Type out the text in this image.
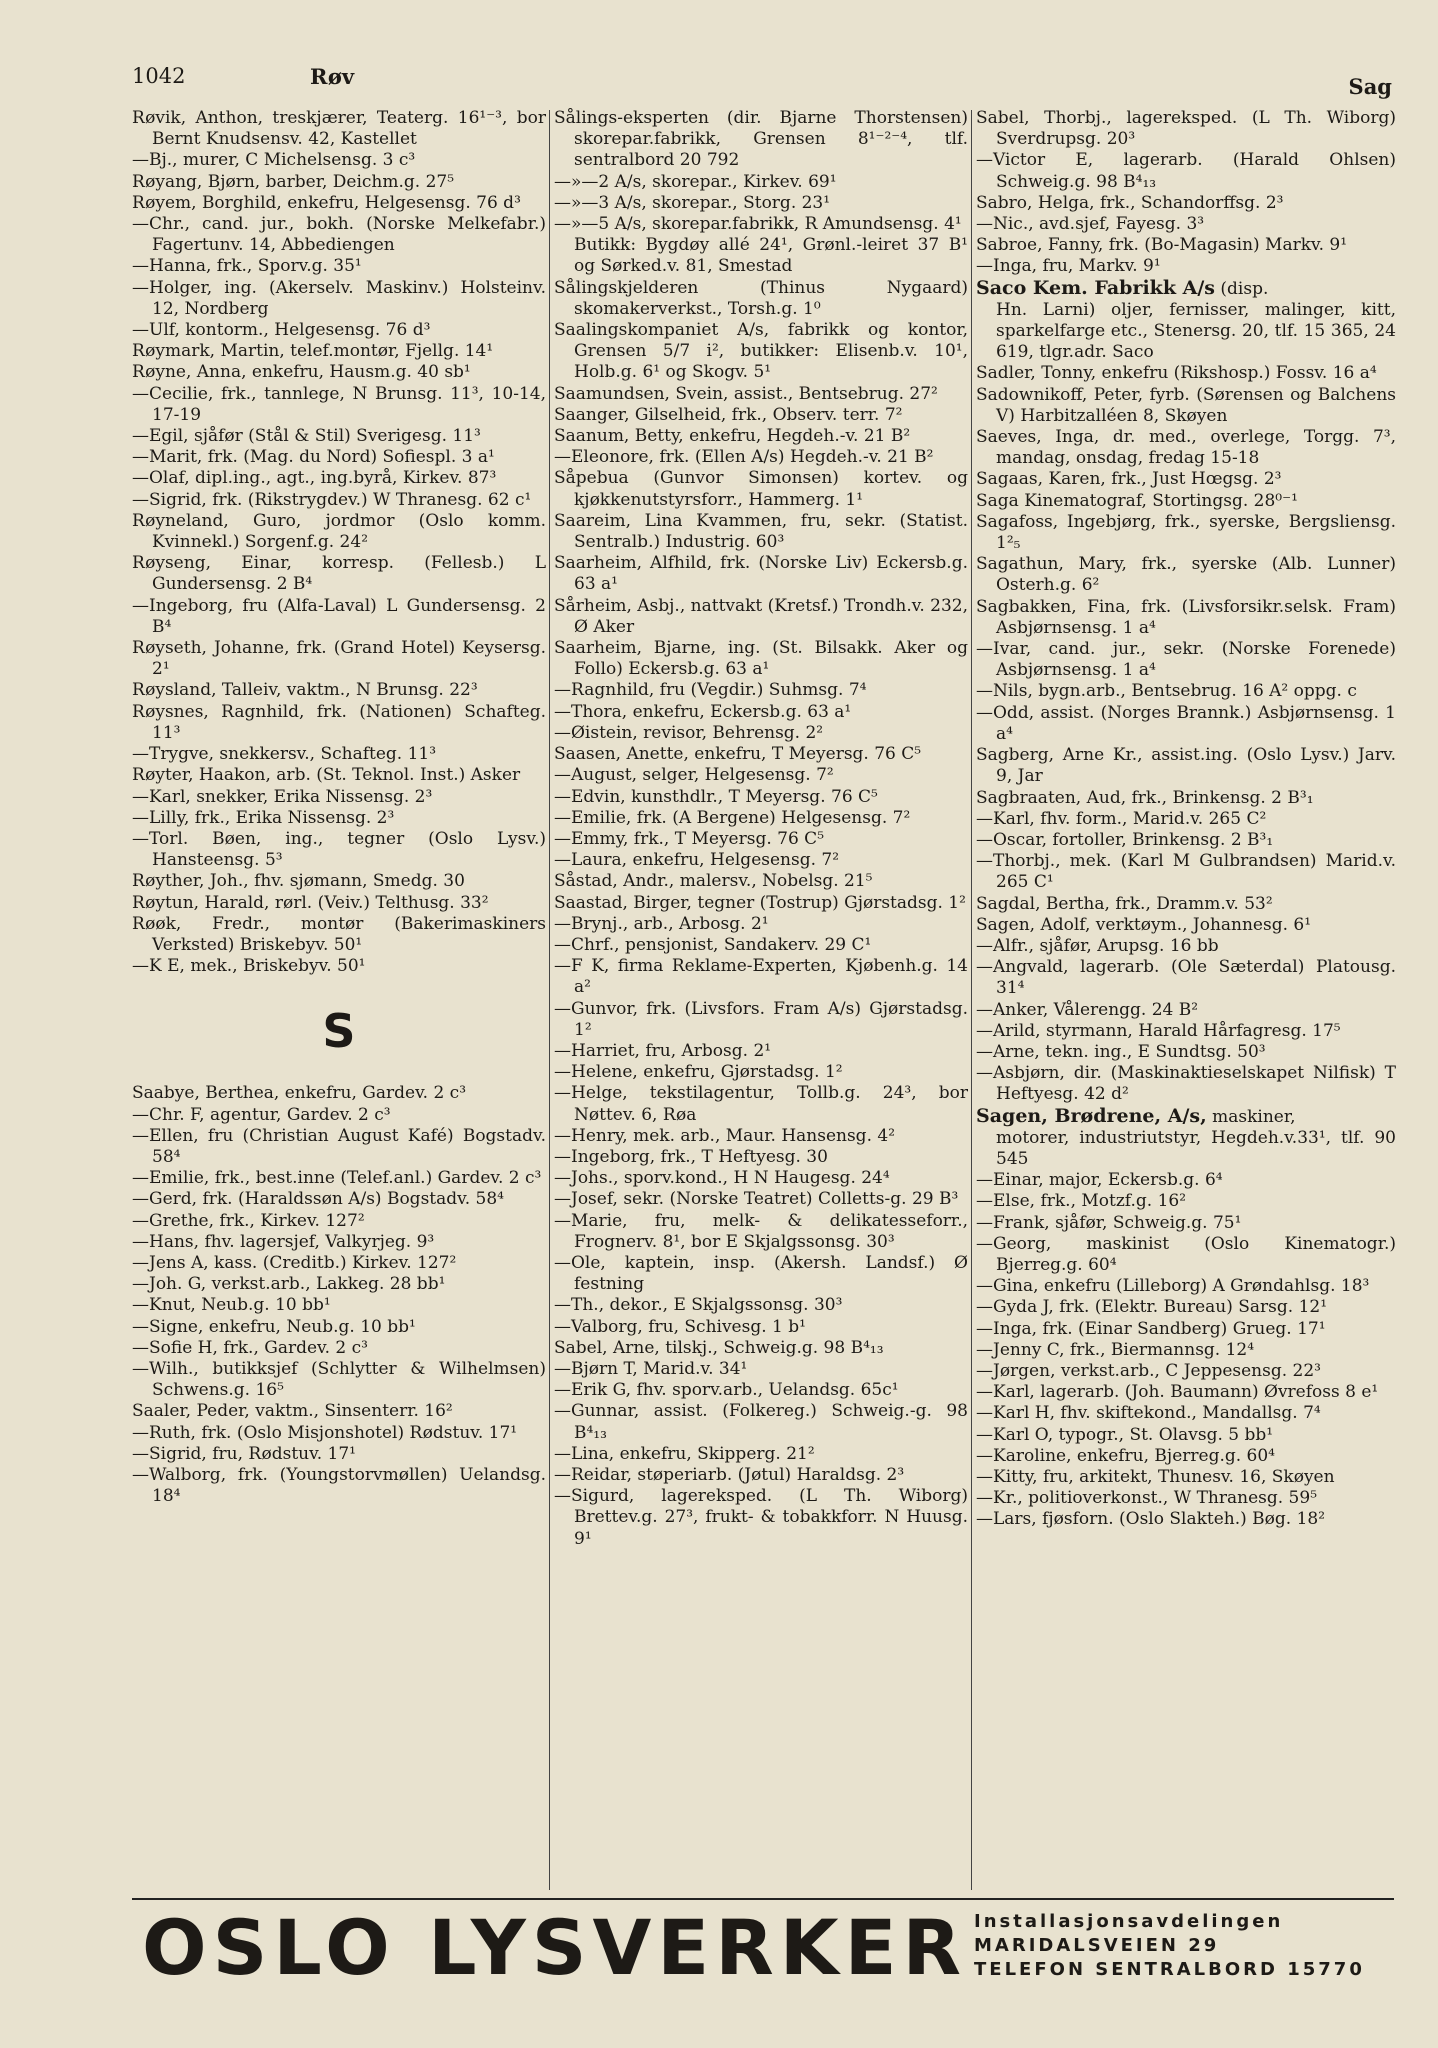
1042	Røv	Sag

Røvik, Anthon, treskjærer, Teaterg. 16¹⁻³, bor Bernt Knudsensv. 42, Kastellet

—Bj., murer, C Michelsensg. 3 c³

Røyang, Bjørn, barber, Deichm.g. 27⁵

Røyem, Borghild, enkefru, Helgesensg. 76 d³

—Chr., cand. jur., bokh. (Norske Melkefabr.) Fagertunv. 14, Abbediengen

—Hanna, frk., Sporv.g. 35¹

—Holger, ing. (Akerselv. Maskinv.) Holsteinv. 12, Nordberg

—Ulf, kontorm., Helgesensg. 76 d³

Røymark, Martin, telef.montør, Fjellg. 14¹

Røyne, Anna, enkefru, Hausm.g. 40 sb¹

—Cecilie, frk., tannlege, N Brunsg. 11³, 10-14, 17-19

—Egil, sjåfør (Stål & Stil) Sverigesg. 11³

—Marit, frk. (Mag. du Nord) Sofiespl. 3 a¹

—Olaf, dipl.ing., agt., ing.byrå, Kirkev. 87³

—Sigrid, frk. (Rikstrygdev.) W Thranesg. 62 c¹

Røyneland, Guro, jordmor (Oslo komm. Kvinnekl.) Sorgenf.g. 24²

Røyseng, Einar, korresp. (Fellesb.) L Gundersensg. 2 B⁴

—Ingeborg, fru (Alfa-Laval) L Gundersensg. 2 B⁴

Røyseth, Johanne, frk. (Grand Hotel) Keysersg. 2¹

Røysland, Talleiv, vaktm., N Brunsg. 22³

Røysnes, Ragnhild, frk. (Nationen) Schafteg. 11³

—Trygve, snekkersv., Schafteg. 11³

Røyter, Haakon, arb. (St. Teknol. Inst.) Asker

—Karl, snekker, Erika Nissensg. 2³

—Lilly, frk., Erika Nissensg. 2³

—Torl. Bøen, ing., tegner (Oslo Lysv.) Hansteensg. 5³

Røyther, Joh., fhv. sjømann, Smedg. 30

Røytun, Harald, rørl. (Veiv.) Telthusg. 33²

Røøk, Fredr., montør (Bakerimaskiners Verksted) Briskebyv. 50¹

—K E, mek., Briskebyv. 50¹

S

Saabye, Berthea, enkefru, Gardev. 2 c³

—Chr. F, agentur, Gardev. 2 c³

—Ellen, fru (Christian August Kafé) Bogstadv. 58⁴

—Emilie, frk., best.inne (Telef.anl.) Gardev. 2 c³

—Gerd, frk. (Haraldssøn A/s) Bogstadv. 58⁴

—Grethe, frk., Kirkev. 127²

—Hans, fhv. lagersjef, Valkyrjeg. 9³

—Jens A, kass. (Creditb.) Kirkev. 127²

—Joh. G, verkst.arb., Lakkeg. 28 bb¹

—Knut, Neub.g. 10 bb¹

—Signe, enkefru, Neub.g. 10 bb¹

—Sofie H, frk., Gardev. 2 c³

—Wilh., butikksjef (Schlytter & Wilhelmsen) Schwens.g. 16⁵

Saaler, Peder, vaktm., Sinsenterr. 16²

—Ruth, frk. (Oslo Misjonshotel) Rødstuv. 17¹

—Sigrid, fru, Rødstuv. 17¹

—Walborg, frk. (Youngstorvmøllen) Uelandsg. 18⁴

Sålings-eksperten (dir. Bjarne Thorstensen) skorepar.fabrikk, Grensen 8¹⁻²⁻⁴, tlf. sentralbord 20 792

—»—2 A/s, skorepar., Kirkev. 69¹

—»—3 A/s, skorepar., Storg. 23¹

—»—5 A/s, skorepar.fabrikk, R Amundsensg. 4¹

Butikk: Bygdøy allé 24¹, Grønl.-leiret 37 B¹ og Sørked.v. 81, Smestad

Sålingskjelderen (Thinus Nygaard) skomakerverkst., Torsh.g. 1⁰

Saalingskompaniet A/s, fabrikk og kontor, Grensen 5/7 i², butikker: Elisenb.v. 10¹, Holb.g. 6¹ og Skogv. 5¹

Saamundsen, Svein, assist., Bentsebrug. 27²

Saanger, Gilselheid, frk., Observ. terr. 7²

Saanum, Betty, enkefru, Hegdeh.-v. 21 B²

—Eleonore, frk. (Ellen A/s) Hegdeh.-v. 21 B²

Såpebua (Gunvor Simonsen) kortev. og kjøkkenutstyrsforr., Hammerg. 1¹

Saareim, Lina Kvammen, fru, sekr. (Statist. Sentralb.) Industrig. 60³

Saarheim, Alfhild, frk. (Norske Liv) Eckersb.g. 63 a¹

Sårheim, Asbj., nattvakt (Kretsf.) Trondh.v. 232, Ø Aker

Saarheim, Bjarne, ing. (St. Bilsakk. Aker og Follo) Eckersb.g. 63 a¹

—Ragnhild, fru (Vegdir.) Suhmsg. 7⁴

—Thora, enkefru, Eckersb.g. 63 a¹

—Øistein, revisor, Behrensg. 2²

Saasen, Anette, enkefru, T Meyersg. 76 C⁵

—August, selger, Helgesensg. 7²

—Edvin, kunsthdlr., T Meyersg. 76 C⁵

—Emilie, frk. (A Bergene) Helgesensg. 7²

—Emmy, frk., T Meyersg. 76 C⁵

—Laura, enkefru, Helgesensg. 7²

Såstad, Andr., malersv., Nobelsg. 21⁵

Saastad, Birger, tegner (Tostrup) Gjørstadsg. 1²

—Brynj., arb., Arbosg. 2¹

—Chrf., pensjonist, Sandakerv. 29 C¹

—F K, firma Reklame-Experten, Kjøbenh.g. 14 a²

—Gunvor, frk. (Livsfors. Fram A/s) Gjørstadsg. 1²

—Harriet, fru, Arbosg. 2¹

—Helene, enkefru, Gjørstadsg. 1²

—Helge, tekstilagentur, Tollb.g. 24³, bor Nøttev. 6, Røa

—Henry, mek. arb., Maur. Hansensg. 4²

—Ingeborg, frk., T Heftyesg. 30

—Johs., sporv.kond., H N Haugesg. 24⁴

—Josef, sekr. (Norske Teatret) Colletts-g. 29 B³

—Marie, fru, melk- & delikatesseforr., Frognerv. 8¹, bor E Skjalgssonsg. 30³

—Ole, kaptein, insp. (Akersh. Landsf.) Ø festning

—Th., dekor., E Skjalgssonsg. 30³

—Valborg, fru, Schivesg. 1 b¹

Sabel, Arne, tilskj., Schweig.g. 98 B⁴₁₃

—Bjørn T, Marid.v. 34¹

—Erik G, fhv. sporv.arb., Uelandsg. 65c¹

—Gunnar, assist. (Folkereg.) Schweig.-g. 98 B⁴₁₃

—Lina, enkefru, Skipperg. 21²

—Reidar, støperiarb. (Jøtul) Haraldsg. 2³

—Sigurd, lagereksped. (L Th. Wiborg) Brettev.g. 27³, frukt- & tobakkforr. N Huusg. 9¹

Sabel, Thorbj., lagereksped. (L Th. Wiborg) Sverdrupsg. 20³

—Victor E, lagerarb. (Harald Ohlsen) Schweig.g. 98 B⁴₁₃

Sabro, Helga, frk., Schandorffsg. 2³

—Nic., avd.sjef, Fayesg. 3³

Sabroe, Fanny, frk. (Bo-Magasin) Markv. 9¹

—Inga, fru, Markv. 9¹

Saco Kem. Fabrikk A/s (disp.

Hn. Larni) oljer, fernisser, malinger, kitt, sparkelfarge etc., Stenersg. 20, tlf. 15 365, 24 619, tlgr.adr. Saco

Sadler, Tonny, enkefru (Rikshosp.) Fossv. 16 a⁴

Sadownikoff, Peter, fyrb. (Sørensen og Balchens V) Harbitzalléen 8, Skøyen

Saeves, Inga, dr. med., overlege, Torgg. 7³, mandag, onsdag, fredag 15-18

Sagaas, Karen, frk., Just Hœgsg. 2³

Saga Kinematograf, Stortingsg. 28⁰⁻¹

Sagafoss, Ingebjørg, frk., syerske, Bergsliensg. 1²₅

Sagathun, Mary, frk., syerske (Alb. Lunner) Osterh.g. 6²

Sagbakken, Fina, frk. (Livsforsikr.selsk. Fram) Asbjørnsensg. 1 a⁴

—Ivar, cand. jur., sekr. (Norske Forenede) Asbjørnsensg. 1 a⁴

—Nils, bygn.arb., Bentsebrug. 16 A² oppg. c

—Odd, assist. (Norges Brannk.) Asbjørnsensg. 1 a⁴

Sagberg, Arne Kr., assist.ing. (Oslo Lysv.) Jarv. 9, Jar

Sagbraaten, Aud, frk., Brinkensg. 2 B³₁

—Karl, fhv. form., Marid.v. 265 C²

—Oscar, fortoller, Brinkensg. 2 B³₁

—Thorbj., mek. (Karl M Gulbrandsen) Marid.v. 265 C¹

Sagdal, Bertha, frk., Dramm.v. 53²

Sagen, Adolf, verktøym., Johannesg. 6¹

—Alfr., sjåfør, Arupsg. 16 bb

—Angvald, lagerarb. (Ole Sæterdal) Platousg. 31⁴

—Anker, Vålerengg. 24 B²

—Arild, styrmann, Harald Hårfagresg. 17⁵

—Arne, tekn. ing., E Sundtsg. 50³

—Asbjørn, dir. (Maskinaktieselskapet Nilfisk) T Heftyesg. 42 d²

Sagen, Brødrene, A/s, maskiner,

motorer, industriutstyr, Hegdeh.v.33¹, tlf. 90 545

—Einar, major, Eckersb.g. 6⁴

—Else, frk., Motzf.g. 16²

—Frank, sjåfør, Schweig.g. 75¹

—Georg, maskinist (Oslo Kinematogr.) Bjerreg.g. 60⁴

—Gina, enkefru (Lilleborg) A Grøndahlsg. 18³

—Gyda J, frk. (Elektr. Bureau) Sarsg. 12¹

—Inga, frk. (Einar Sandberg) Grueg. 17¹

—Jenny C, frk., Biermannsg. 12⁴

—Jørgen, verkst.arb., C Jeppesensg. 22³

—Karl, lagerarb. (Joh. Baumann) Øvrefoss 8 e¹

—Karl H, fhv. skiftekond., Mandallsg. 7⁴

—Karl O, typogr., St. Olavsg. 5 bb¹

—Karoline, enkefru, Bjerreg.g. 60⁴

—Kitty, fru, arkitekt, Thunesv. 16, Skøyen

—Kr., politioverkonst., W Thranesg. 59⁵

—Lars, fjøsforn. (Oslo Slakteh.) Bøg. 18²

OSLO LYSVERKER Installasjonsavdelingen
MARIDALSVEIEN 29
TELEFON SENTRALBORD 15770
